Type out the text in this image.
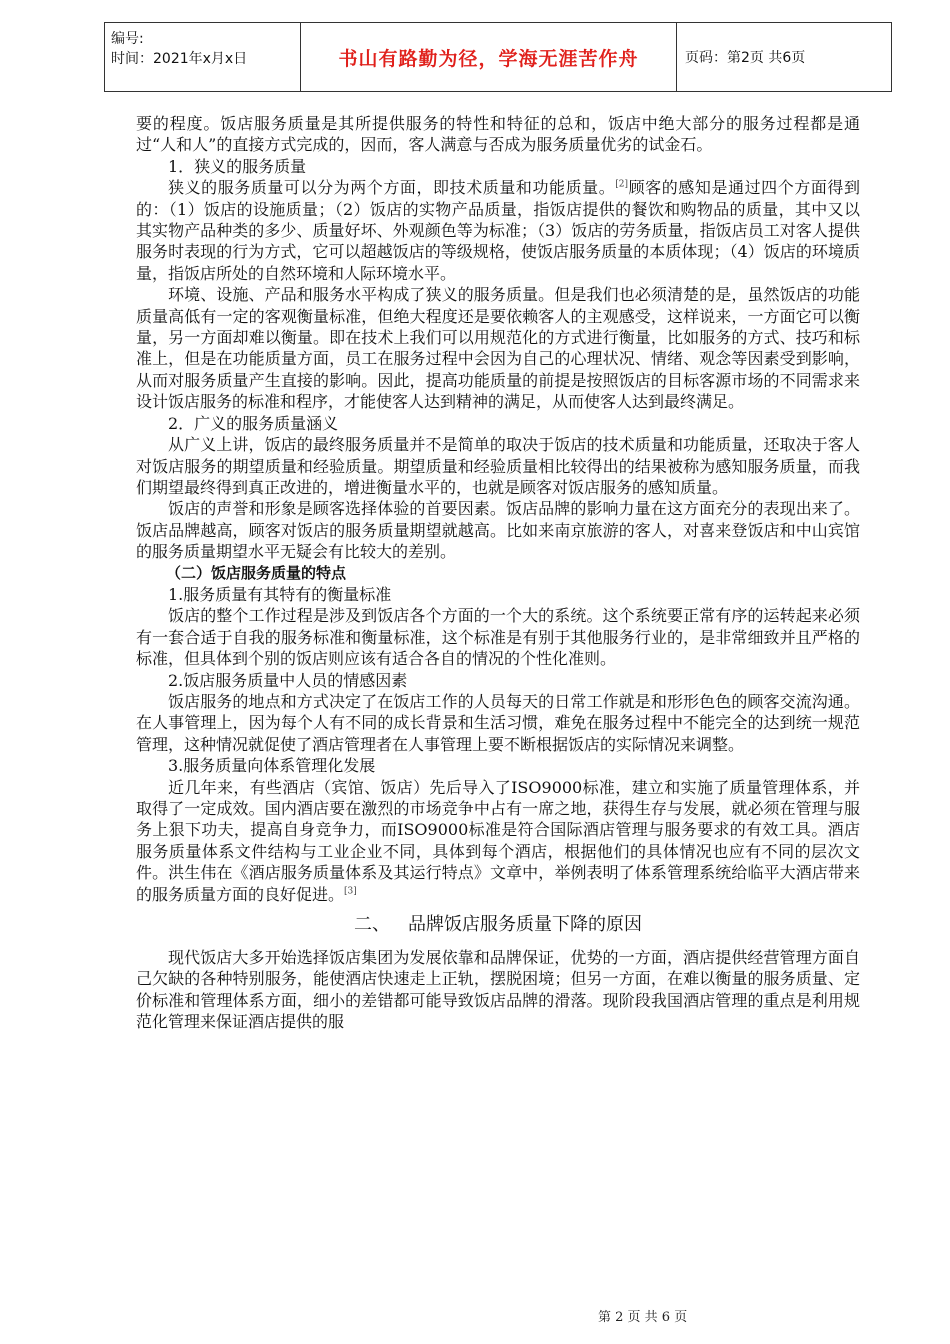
编号:
时间：2021年x月x日	书山有路勤为径，学海无涯苦作舟	页码：第2页 共6页

要的程度。饭店服务质量是其所提供服务的特性和特征的总和，饭店中绝大部分的服务过程都是通过“人和人”的直接方式完成的，因而，客人满意与否成为服务质量优劣的试金石。

1．狭义的服务质量

狭义的服务质量可以分为两个方面，即技术质量和功能质量。[2]顾客的感知是通过四个方面得到的：（1）饭店的设施质量；（2）饭店的实物产品质量，指饭店提供的餐饮和购物品的质量，其中又以其实物产品种类的多少、质量好坏、外观颜色等为标准；（3）饭店的劳务质量，指饭店员工对客人提供服务时表现的行为方式，它可以超越饭店的等级规格，使饭店服务质量的本质体现；（4）饭店的环境质量，指饭店所处的自然环境和人际环境水平。

环境、设施、产品和服务水平构成了狭义的服务质量。但是我们也必须清楚的是，虽然饭店的功能质量高低有一定的客观衡量标准，但绝大程度还是要依赖客人的主观感受，这样说来，一方面它可以衡量，另一方面却难以衡量。即在技术上我们可以用规范化的方式进行衡量，比如服务的方式、技巧和标准上，但是在功能质量方面，员工在服务过程中会因为自己的心理状况、情绪、观念等因素受到影响，从而对服务质量产生直接的影响。因此，提高功能质量的前提是按照饭店的目标客源市场的不同需求来设计饭店服务的标准和程序，才能使客人达到精神的满足，从而使客人达到最终满足。

2．广义的服务质量涵义

从广义上讲，饭店的最终服务质量并不是简单的取决于饭店的技术质量和功能质量，还取决于客人对饭店服务的期望质量和经验质量。期望质量和经验质量相比较得出的结果被称为感知服务质量，而我们期望最终得到真正改进的，增进衡量水平的，也就是顾客对饭店服务的感知质量。

饭店的声誉和形象是顾客选择体验的首要因素。饭店品牌的影响力量在这方面充分的表现出来了。饭店品牌越高，顾客对饭店的服务质量期望就越高。比如来南京旅游的客人，对喜来登饭店和中山宾馆的服务质量期望水平无疑会有比较大的差别。

（二）饭店服务质量的特点

1.服务质量有其特有的衡量标准

饭店的整个工作过程是涉及到饭店各个方面的一个大的系统。这个系统要正常有序的运转起来必须有一套合适于自我的服务标准和衡量标准，这个标准是有别于其他服务行业的，是非常细致并且严格的标准，但具体到个别的饭店则应该有适合各自的情况的个性化准则。

2.饭店服务质量中人员的情感因素

饭店服务的地点和方式决定了在饭店工作的人员每天的日常工作就是和形形色色的顾客交流沟通。在人事管理上，因为每个人有不同的成长背景和生活习惯，难免在服务过程中不能完全的达到统一规范管理，这种情况就促使了酒店管理者在人事管理上要不断根据饭店的实际情况来调整。

3.服务质量向体系管理化发展

近几年来，有些酒店（宾馆、饭店）先后导入了ISO9000标准，建立和实施了质量管理体系，并取得了一定成效。国内酒店要在激烈的市场竞争中占有一席之地，获得生存与发展，就必须在管理与服务上狠下功夫，提高自身竞争力，而ISO9000标准是符合国际酒店管理与服务要求的有效工具。酒店服务质量体系文件结构与工业企业不同，具体到每个酒店，根据他们的具体情况也应有不同的层次文件。洪生伟在《酒店服务质量体系及其运行特点》文章中，举例表明了体系管理系统给临平大酒店带来的服务质量方面的良好促进。[3]

二、 品牌饭店服务质量下降的原因

现代饭店大多开始选择饭店集团为发展依靠和品牌保证，优势的一方面，酒店提供经营管理方面自己欠缺的各种特别服务，能使酒店快速走上正轨，摆脱困境；但另一方面，在难以衡量的服务质量、定价标准和管理体系方面，细小的差错都可能导致饭店品牌的滑落。现阶段我国酒店管理的重点是利用规范化管理来保证酒店提供的服

第 2 页 共 6 页
